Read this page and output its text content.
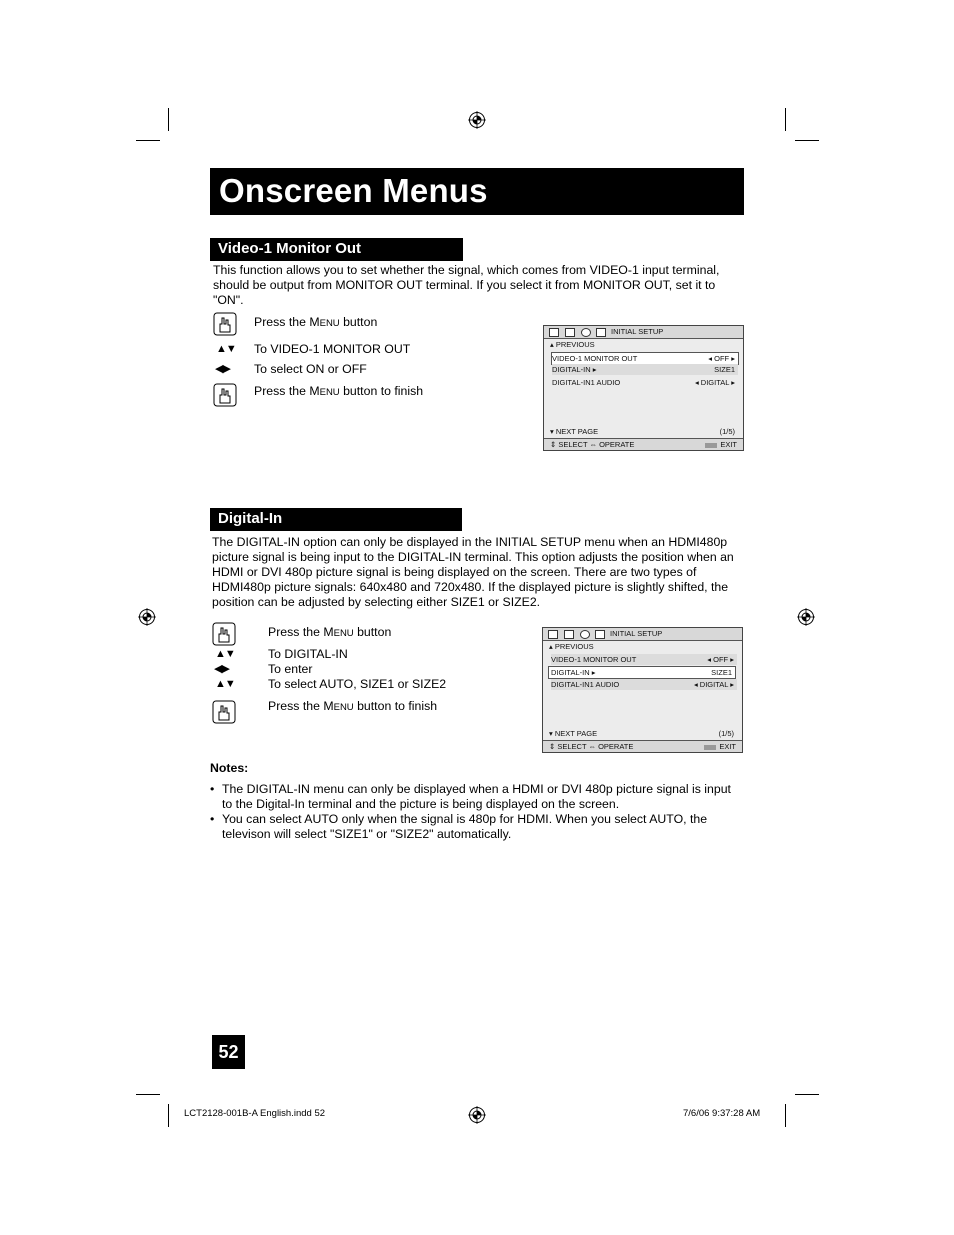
Onscreen Menus
Video-1 Monitor Out
This function allows you to set whether the signal, which comes from VIDEO-1 input terminal, should be output from MONITOR OUT terminal. If you select it from MONITOR OUT, set it to "ON".
Press the MENU button
▲▼ To VIDEO-1 MONITOR OUT
◀▶ To select ON or OFF
Press the MENU button to finish
INITIAL SETUP
▴ PREVIOUS
VIDEO-1 MONITOR OUT	◂ OFF ▸
DIGITAL-IN ▸	SIZE1
DIGITAL-IN1 AUDIO	◂ DIGITAL ▸
▾ NEXT PAGE	(1/5)
⇕ SELECT ⇔ OPERATE	EXIT
Digital-In
The DIGITAL-IN option can only be displayed in the INITIAL SETUP menu when an HDMI480p picture signal is being input to the DIGITAL-IN terminal. This option adjusts the position when an HDMI or DVI 480p picture signal is being displayed on the screen. There are two types of HDMI480p picture signals: 640x480 and 720x480. If the displayed picture is slightly shifted, the position can be adjusted by selecting either SIZE1 or SIZE2.
Press the MENU button
▲▼	To DIGITAL-IN
◀▶	To enter
▲▼	To select AUTO, SIZE1 or SIZE2
Press the MENU button to finish
INITIAL SETUP
▴ PREVIOUS
VIDEO-1 MONITOR OUT	◂ OFF ▸
DIGITAL-IN ▸	SIZE1
DIGITAL-IN1 AUDIO	◂ DIGITAL ▸
▾ NEXT PAGE	(1/5)
⇕ SELECT ⇔ OPERATE	EXIT
Notes:
• The DIGITAL-IN menu can only be displayed when a HDMI or DVI 480p picture signal is input to the Digital-In terminal and the picture is being displayed on the screen.
• You can select AUTO only when the signal is 480p for HDMI. When you select AUTO, the televison will select "SIZE1" or "SIZE2" automatically.
52
LCT2128-001B-A English.indd 52	7/6/06 9:37:28 AM
